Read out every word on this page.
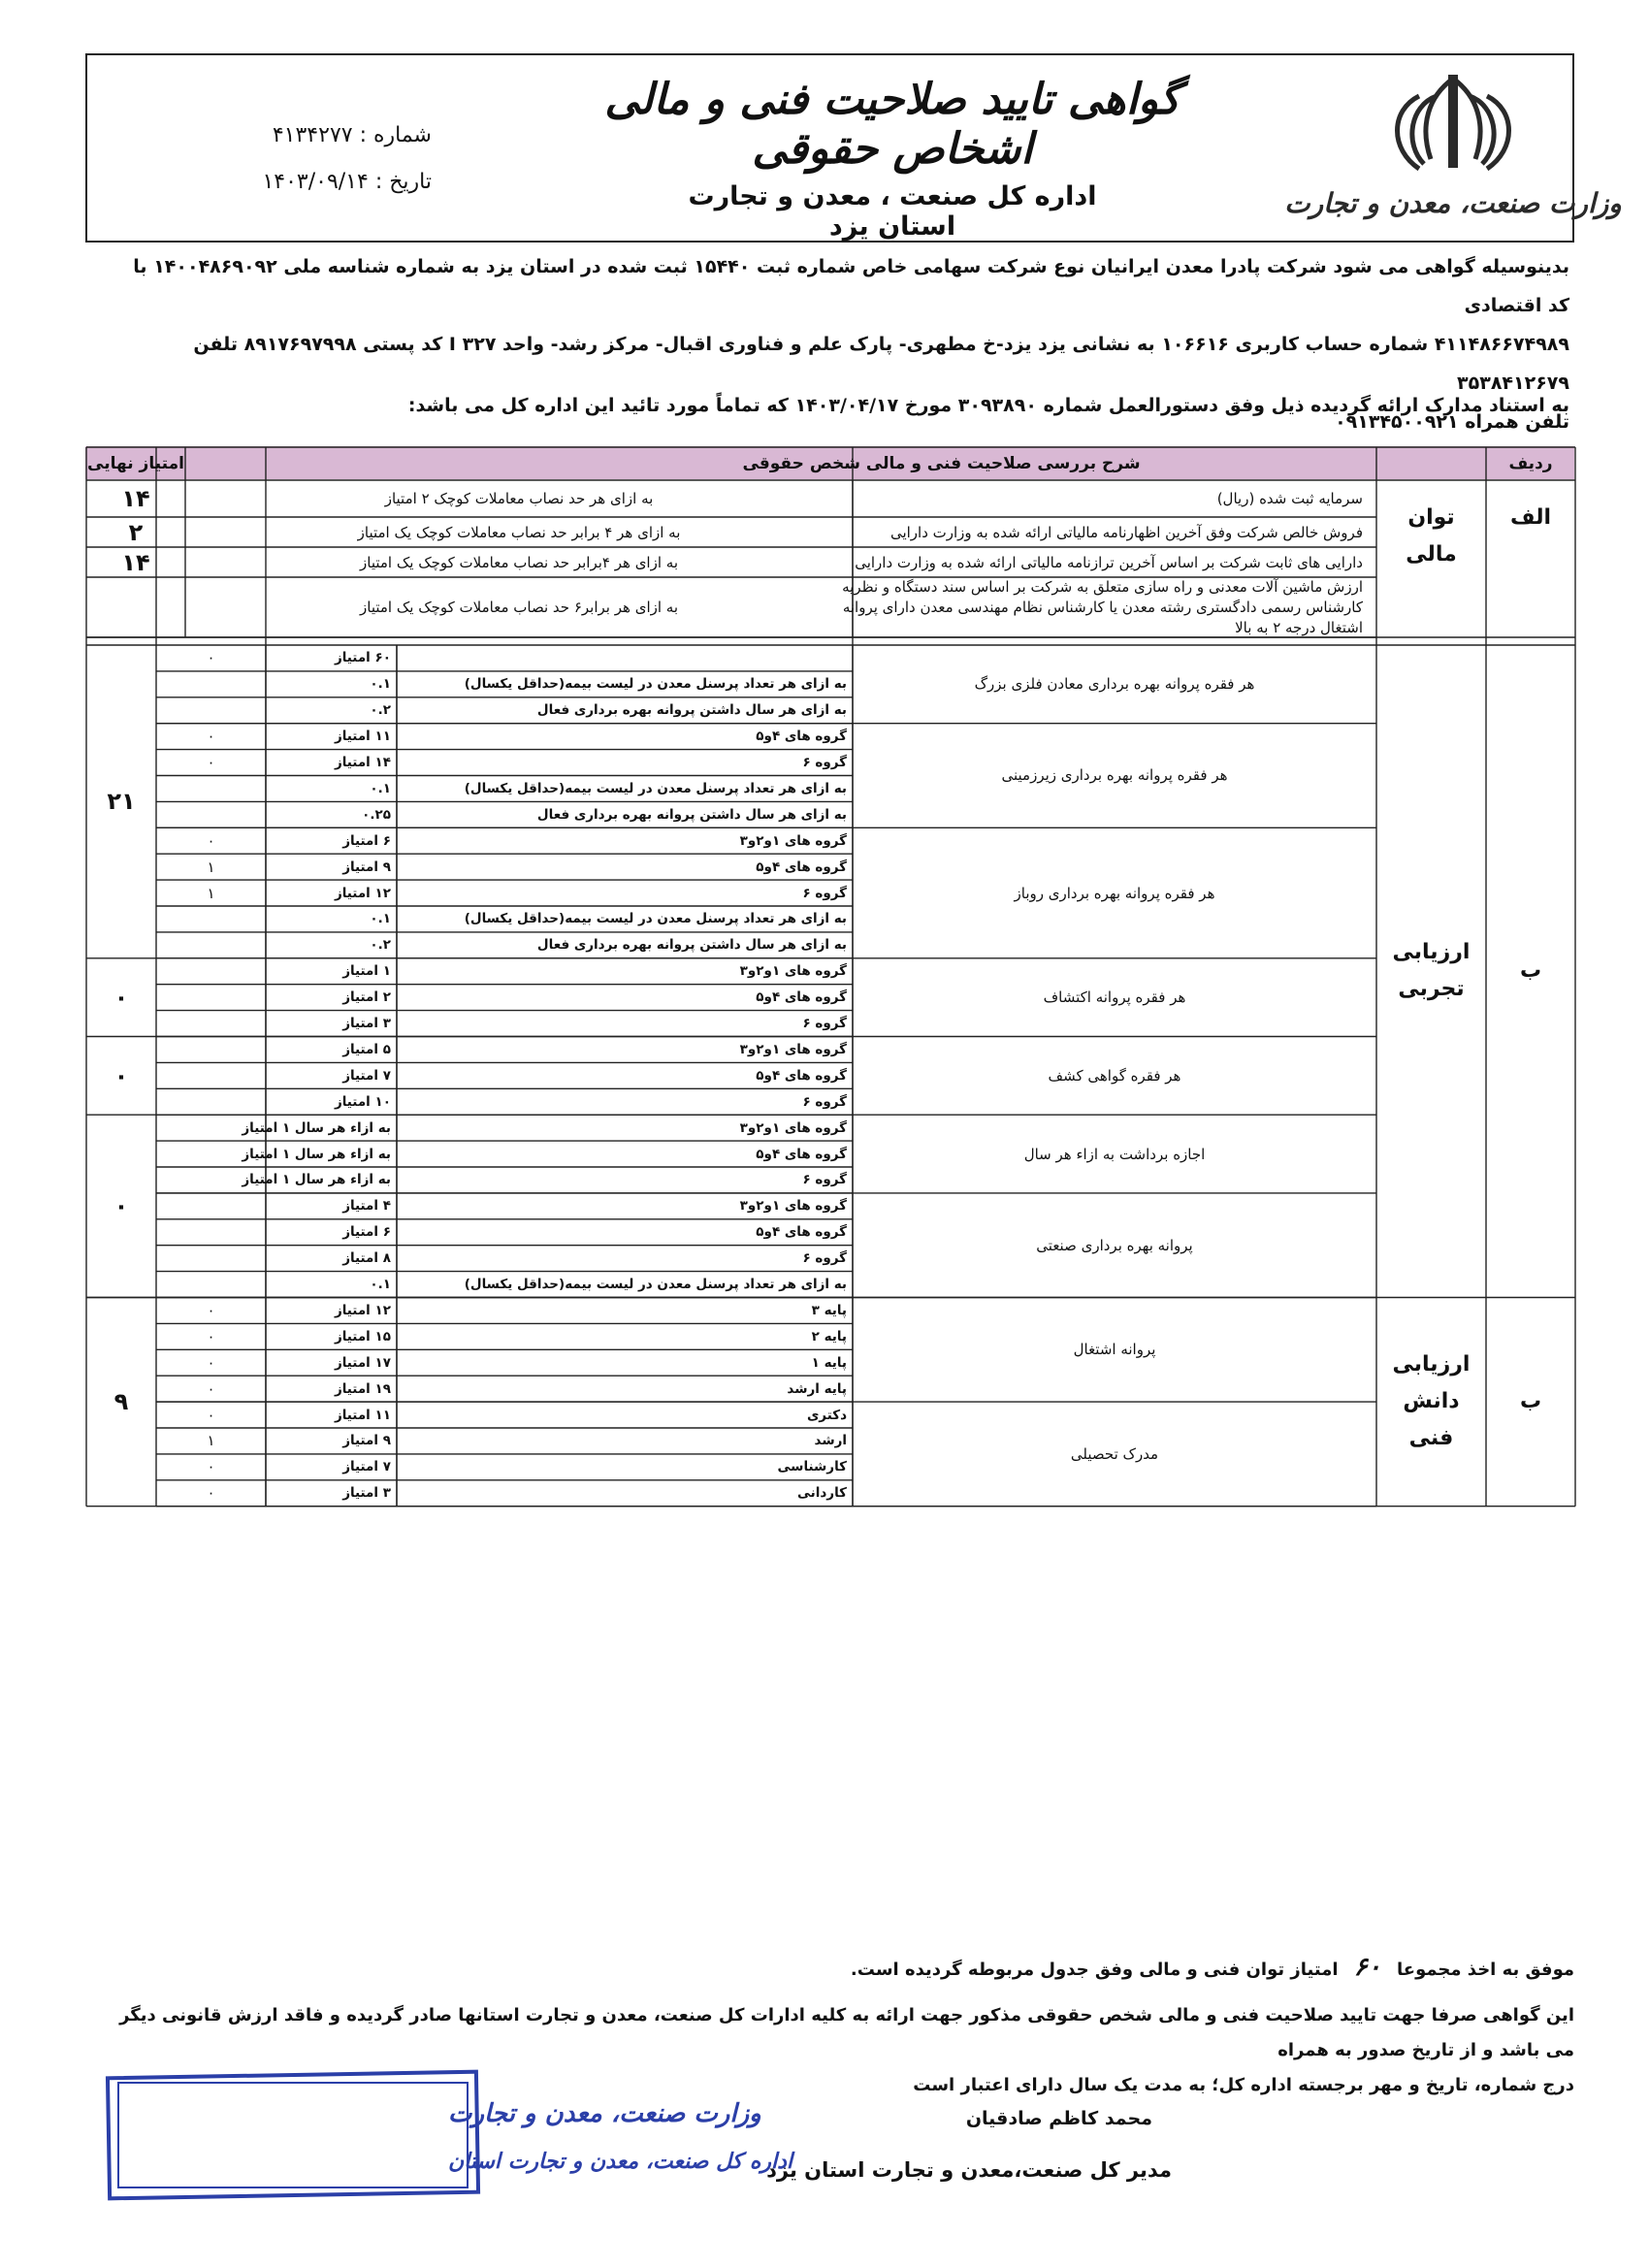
وزارت صنعت، معدن و تجارت
گواهی تایید صلاحیت فنی و مالی اشخاص حقوقی
اداره کل صنعت ، معدن و تجارت استان یزد
شماره : ۴۱۳۴۲۷۷
تاریخ : ۱۴۰۳/۰۹/۱۴
بدینوسیله گواهی می شود شرکت پادرا معدن ایرانیان نوع شرکت سهامی خاص شماره ثبت ۱۵۴۴۰ ثبت شده در استان یزد به شماره شناسه ملی ۱۴۰۰۴۸۶۹۰۹۲ با کد اقتصادی
۴۱۱۴۸۶۶۷۴۹۸۹ شماره حساب کاربری ۱۰۶۶۱۶ به نشانی یزد یزد-خ مطهری- پارک علم و فناوری اقبال- مرکز رشد- واحد ۳۲۷ I کد پستی ۸۹۱۷۶۹۷۹۹۸ تلفن ۳۵۳۸۴۱۲۶۷۹
تلفن همراه ۰۹۱۳۴۵۰۰۹۲۱
به استناد مدارک ارائه گردیده ذیل وفق دستورالعمل شماره ۳۰۹۳۸۹۰ مورخ ۱۴۰۳/۰۴/۱۷ که تماماً مورد تائید این اداره کل می باشد:
ردیف
شرح بررسی صلاحیت فنی و مالی شخص حقوقی
امتیاز نهایی
سرمایه ثبت شده (ریال)
به ازای هر حد نصاب معاملات کوچک ۲ امتیاز
۱۴
فروش خالص شرکت وفق آخرین اظهارنامه مالیاتی ارائه شده به وزارت دارایی
به ازای هر ۴ برابر حد نصاب معاملات کوچک یک امتیاز
۲
دارایی های ثابت شرکت بر اساس آخرین ترازنامه مالیاتی ارائه شده به وزارت دارایی
به ازای هر ۴برابر حد نصاب معاملات کوچک یک امتیاز
۱۴
ارزش ماشین آلات معدنی و راه سازی متعلق به شرکت بر اساس سند دستگاه و نظریه
کارشناس رسمی دادگستری رشته معدن یا کارشناس نظام مهندسی معدن دارای پروانه
اشتغال درجه ۲ به بالا
به ازای هر برابر۶ حد نصاب معاملات کوچک یک امتیاز
توان مالی
الف
۶۰ امتیاز
۰
به ازای هر تعداد پرسنل معدن در لیست بیمه(حداقل یکسال)
۰.۱
به ازای هر سال داشتن پروانه بهره برداری فعال
۰.۲
هر فقره پروانه بهره برداری معادن فلزی بزرگ
گروه های ۴و۵
۱۱ امتیاز
۰
گروه ۶
۱۴ امتیاز
۰
به ازای هر تعداد پرسنل معدن در لیست بیمه(حداقل یکسال)
۰.۱
به ازای هر سال داشتن پروانه بهره برداری فعال
۰.۲۵
هر فقره پروانه بهره برداری زیرزمینی
گروه های ۱و۲و۳
۶ امتیاز
۰
گروه های ۴و۵
۹ امتیاز
۱
گروه ۶
۱۲ امتیاز
۱
به ازای هر تعداد پرسنل معدن در لیست بیمه(حداقل یکسال)
۰.۱
به ازای هر سال داشتن پروانه بهره برداری فعال
۰.۲
هر فقره پروانه بهره برداری روباز
گروه های ۱و۲و۳
۱ امتیاز
گروه های ۴و۵
۲ امتیاز
گروه ۶
۳ امتیاز
هر فقره پروانه اکتشاف
گروه های ۱و۲و۳
۵ امتیاز
گروه های ۴و۵
۷ امتیاز
گروه ۶
۱۰ امتیاز
هر فقره گواهی کشف
گروه های ۱و۲و۳
به ازاء هر سال ۱ امتیاز
گروه های ۴و۵
به ازاء هر سال ۱ امتیاز
گروه ۶
به ازاء هر سال ۱ امتیاز
اجازه برداشت به ازاء هر سال
گروه های ۱و۲و۳
۴ امتیاز
گروه های ۴و۵
۶ امتیاز
گروه ۶
۸ امتیاز
به ازای هر تعداد پرسنل معدن در لیست بیمه(حداقل یکسال)
۰.۱
پروانه بهره برداری صنعتی
۲۱
۰
۰
۰
ارزیابی تجربی
ب
پایه ۳
۱۲ امتیاز
۰
پایه ۲
۱۵ امتیاز
۰
پایه ۱
۱۷ امتیاز
۰
پایه ارشد
۱۹ امتیاز
۰
پروانه اشتغال
دکتری
۱۱ امتیاز
۰
ارشد
۹ امتیاز
۱
کارشناسی
۷ امتیاز
۰
کاردانی
۳ امتیاز
۰
مدرک تحصیلی
۹
ارزیابی دانش فنی
ب
موفق به اخذ مجموعا ۶۰ امتیاز توان فنی و مالی وفق جدول مربوطه گردیده است.
این گواهی صرفا جهت تایید صلاحیت فنی و مالی شخص حقوقی مذکور جهت ارائه به کلیه ادارات کل صنعت، معدن و تجارت استانها صادر گردیده و فاقد ارزش قانونی دیگر می باشد و از تاریخ صدور به همراه
درج شماره، تاریخ و مهر برجسته اداره کل؛ به مدت یک سال دارای اعتبار است
محمد کاظم صادقیان
مدیر کل صنعت،معدن و تجارت استان یزد
وزارت صنعت، معدن و تجارت
اداره کل صنعت، معدن و تجارت استان
